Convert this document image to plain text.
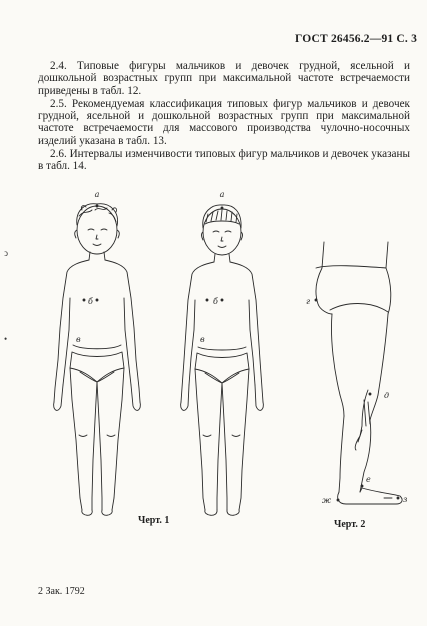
ГОСТ 26456.2—91 С. 3

2.4. Типовые фигуры мальчиков и девочек грудной, ясельной и дошкольной возрастных групп при максимальной частоте встречаемости приведены в табл. 12.

2.5. Рекомендуемая классификация типовых фигур мальчиков и девочек грудной, ясельной и дошкольной возрастных групп при максимальной частоте встречаемости для массового производства чулочно-носочных изделий указана в табл. 13.

2.6. Интервалы изменчивости типовых фигур мальчиков и девочек указаны в табл. 14.

ↄ
•
а
б
в
а
б
в
г
д
е
ж	з
Черт. 1	Черт. 2
2 Зак. 1792
